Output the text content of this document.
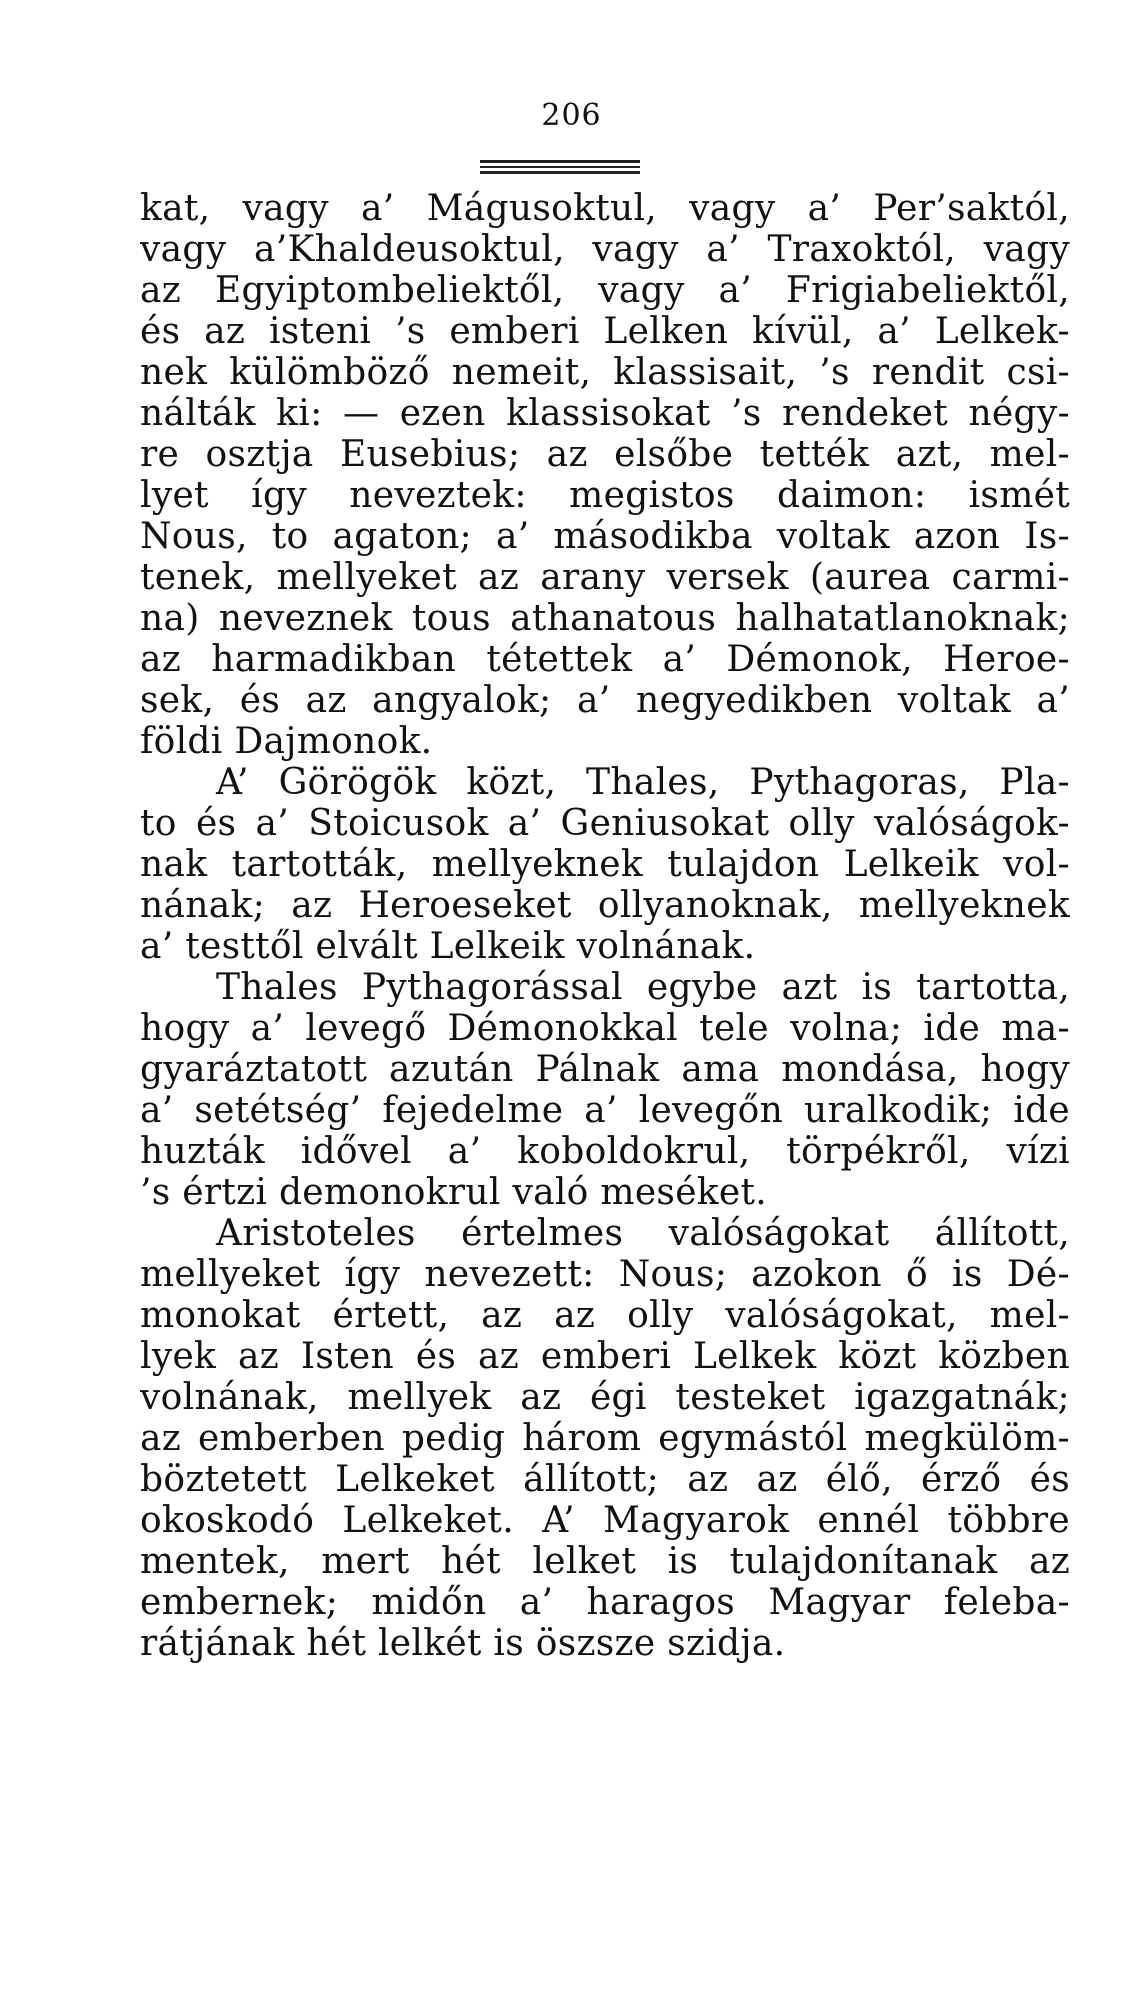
206
kat, vagy a’ Mágusoktul, vagy a’ Per’saktól,
vagy a’Khaldeusoktul, vagy a’ Traxoktól, vagy
az Egyiptombeliektől, vagy a’ Frigiabeliektől,
és az isteni ’s emberi Lelken kívül, a’ Lelkek-
nek külömböző nemeit, klassisait, ’s rendit csi-
nálták ki: — ezen klassisokat ’s rendeket négy-
re osztja Eusebius; az elsőbe tették azt, mel-
lyet így neveztek: megistos daimon: ismét
Nous, to agaton; a’ másodikba voltak azon Is-
tenek, mellyeket az arany versek (aurea carmi-
na) neveznek tous athanatous halhatatlanoknak;
az harmadikban tétettek a’ Démonok, Heroe-
sek, és az angyalok; a’ negyedikben voltak a’
földi Dajmonok.
A’ Görögök közt, Thales, Pythagoras, Pla-
to és a’ Stoicusok a’ Geniusokat olly valóságok-
nak tartották, mellyeknek tulajdon Lelkeik vol-
nának; az Heroeseket ollyanoknak, mellyeknek
a’ testtől elvált Lelkeik volnának.
Thales Pythagorással egybe azt is tartotta,
hogy a’ levegő Démonokkal tele volna; ide ma-
gyaráztatott azután Pálnak ama mondása, hogy
a’ setétség’ fejedelme a’ levegőn uralkodik; ide
huzták idővel a’ koboldokrul, törpékről, vízi
’s értzi demonokrul való meséket.
Aristoteles értelmes valóságokat állított,
mellyeket így nevezett: Nous; azokon ő is Dé-
monokat értett, az az olly valóságokat, mel-
lyek az Isten és az emberi Lelkek közt közben
volnának, mellyek az égi testeket igazgatnák;
az emberben pedig három egymástól megkülöm-
böztetett Lelkeket állított; az az élő, érző és
okoskodó Lelkeket. A’ Magyarok ennél többre
mentek, mert hét lelket is tulajdonítanak az
embernek; midőn a’ haragos Magyar feleba-
rátjának hét lelkét is öszsze szidja.
